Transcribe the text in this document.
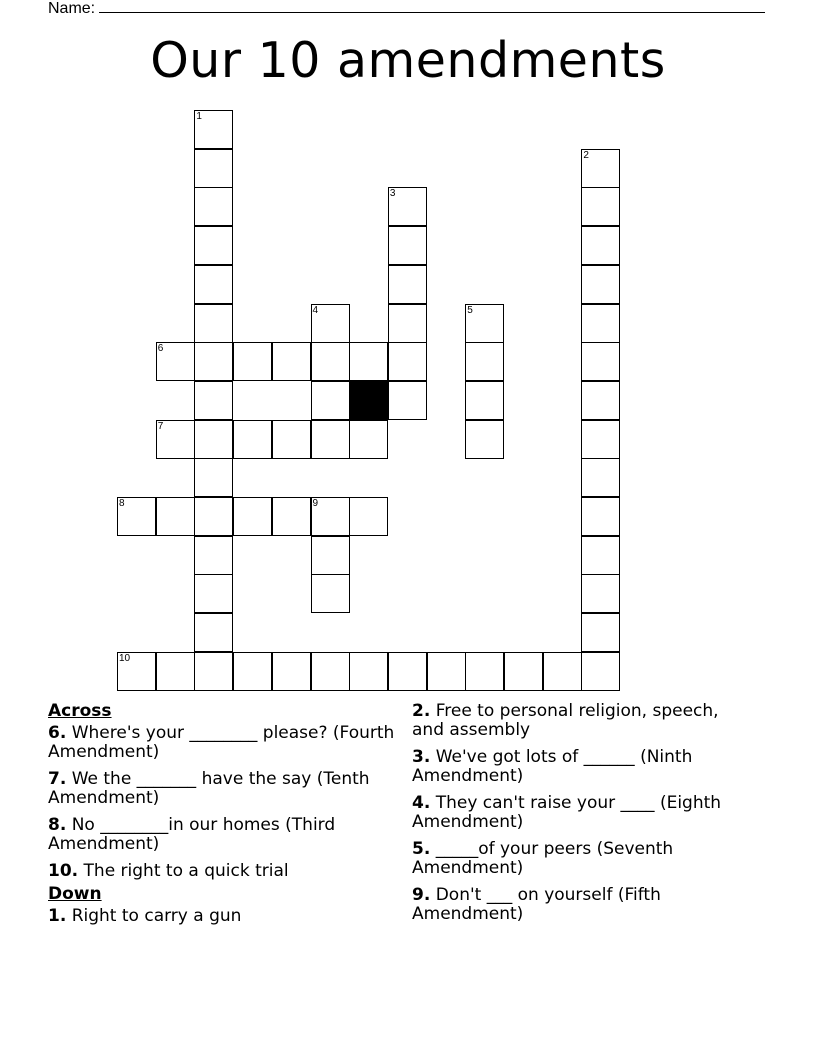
Name:
Our 10 amendments
1
2
3
4	5
6
7
8	9
10
Across
6. Where's your ________ please? (Fourth Amendment)
7. We the _______ have the say (Tenth Amendment)
8. No ________in our homes (Third Amendment)
10. The right to a quick trial
Down
1. Right to carry a gun
2. Free to personal religion, speech, and assembly
3. We've got lots of ______ (Ninth Amendment)
4. They can't raise your ____ (Eighth Amendment)
5. _____of your peers (Seventh Amendment)
9. Don't ___ on yourself (Fifth Amendment)
